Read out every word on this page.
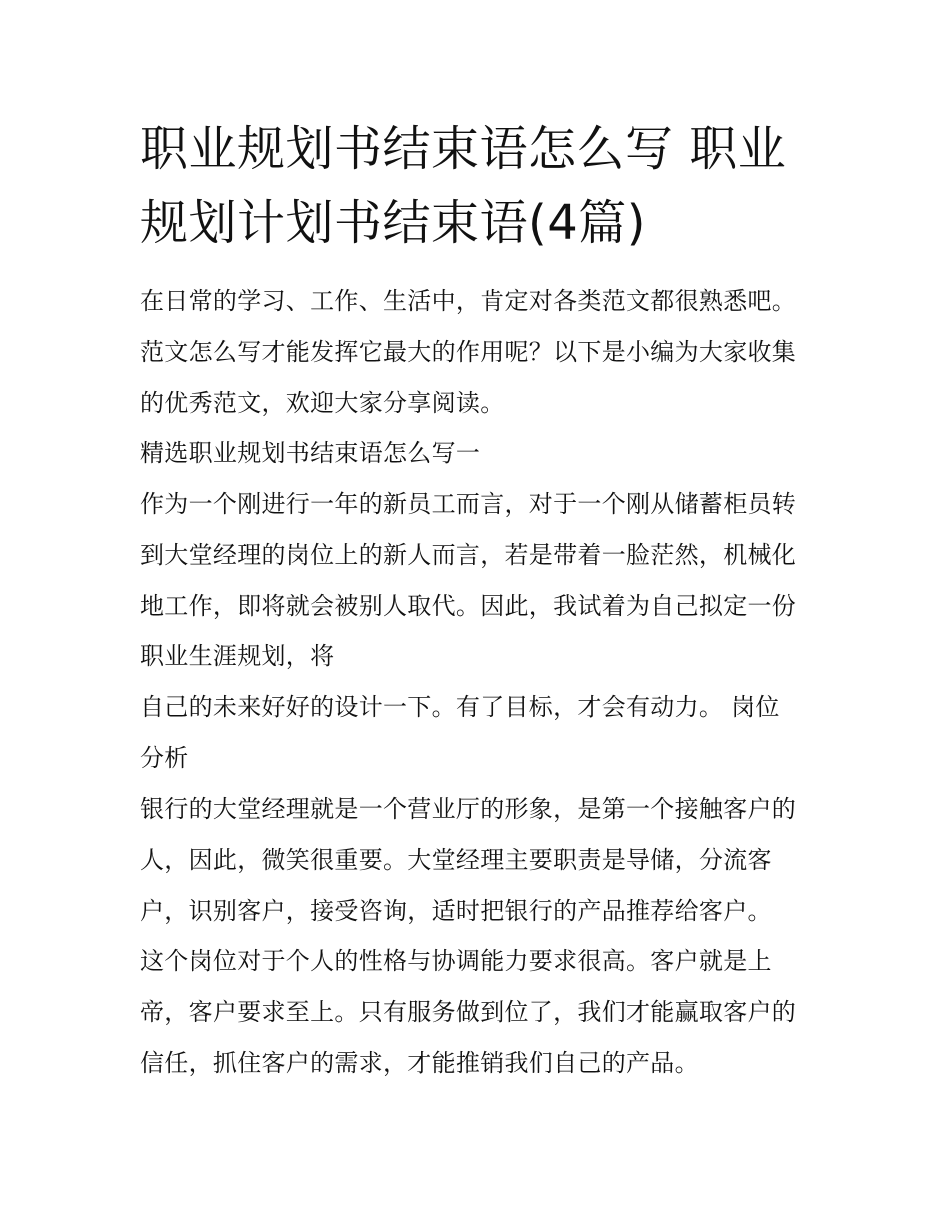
职业规划书结束语怎么写 职业规划计划书结束语(4篇)

在日常的学习、工作、生活中，肯定对各类范文都很熟悉吧。

范文怎么写才能发挥它最大的作用呢？以下是小编为大家收集

的优秀范文，欢迎大家分享阅读。

精选职业规划书结束语怎么写一

作为一个刚进行一年的新员工而言，对于一个刚从储蓄柜员转

到大堂经理的岗位上的新人而言，若是带着一脸茫然，机械化

地工作，即将就会被别人取代。因此，我试着为自己拟定一份

职业生涯规划，将

自己的未来好好的设计一下。有了目标，才会有动力。 岗位

分析

银行的大堂经理就是一个营业厅的形象，是第一个接触客户的

人，因此，微笑很重要。大堂经理主要职责是导储，分流客

户，识别客户，接受咨询，适时把银行的产品推荐给客户。

这个岗位对于个人的性格与协调能力要求很高。客户就是上

帝，客户要求至上。只有服务做到位了，我们才能赢取客户的

信任，抓住客户的需求，才能推销我们自己的产品。
